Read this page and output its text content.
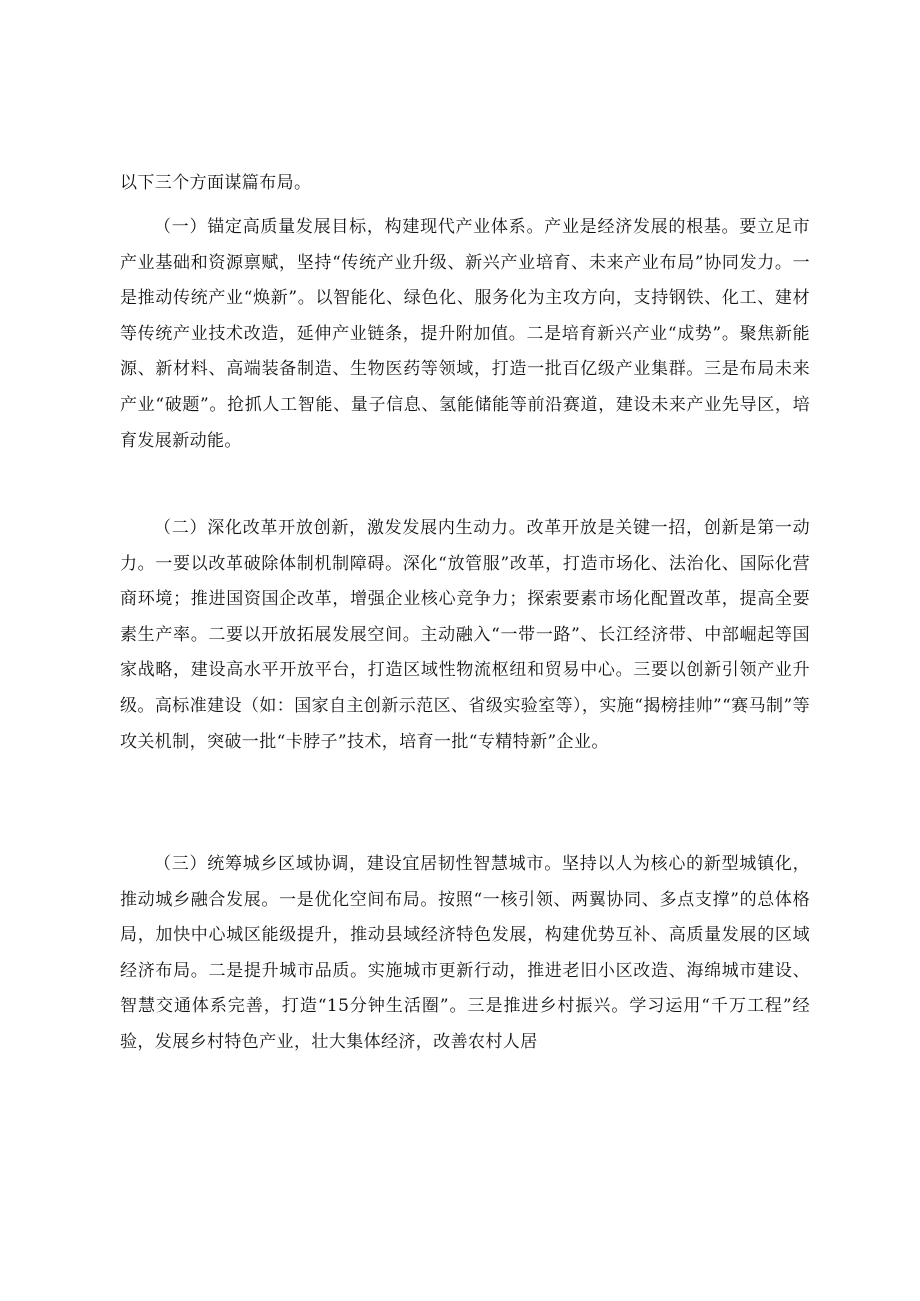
以下三个方面谋篇布局。

（一）锚定高质量发展目标，构建现代产业体系。产业是经济发展的根基。要立足市产业基础和资源禀赋，坚持“传统产业升级、新兴产业培育、未来产业布局”协同发力。一是推动传统产业“焕新”。以智能化、绿色化、服务化为主攻方向，支持钢铁、化工、建材等传统产业技术改造，延伸产业链条，提升附加值。二是培育新兴产业“成势”。聚焦新能源、新材料、高端装备制造、生物医药等领域，打造一批百亿级产业集群。三是布局未来产业“破题”。抢抓人工智能、量子信息、氢能储能等前沿赛道，建设未来产业先导区，培育发展新动能。

（二）深化改革开放创新，激发发展内生动力。改革开放是关键一招，创新是第一动力。一要以改革破除体制机制障碍。深化“放管服”改革，打造市场化、法治化、国际化营商环境；推进国资国企改革，增强企业核心竞争力；探索要素市场化配置改革，提高全要素生产率。二要以开放拓展发展空间。主动融入“一带一路”、长江经济带、中部崛起等国家战略，建设高水平开放平台，打造区域性物流枢纽和贸易中心。三要以创新引领产业升级。高标准建设（如：国家自主创新示范区、省级实验室等），实施“揭榜挂帅”“赛马制”等攻关机制，突破一批“卡脖子”技术，培育一批“专精特新”企业。

（三）统筹城乡区域协调，建设宜居韧性智慧城市。坚持以人为核心的新型城镇化，推动城乡融合发展。一是优化空间布局。按照“一核引领、两翼协同、多点支撑”的总体格局，加快中心城区能级提升，推动县域经济特色发展，构建优势互补、高质量发展的区域经济布局。二是提升城市品质。实施城市更新行动，推进老旧小区改造、海绵城市建设、智慧交通体系完善，打造“15分钟生活圈”。三是推进乡村振兴。学习运用“千万工程”经验，发展乡村特色产业，壮大集体经济，改善农村人居
